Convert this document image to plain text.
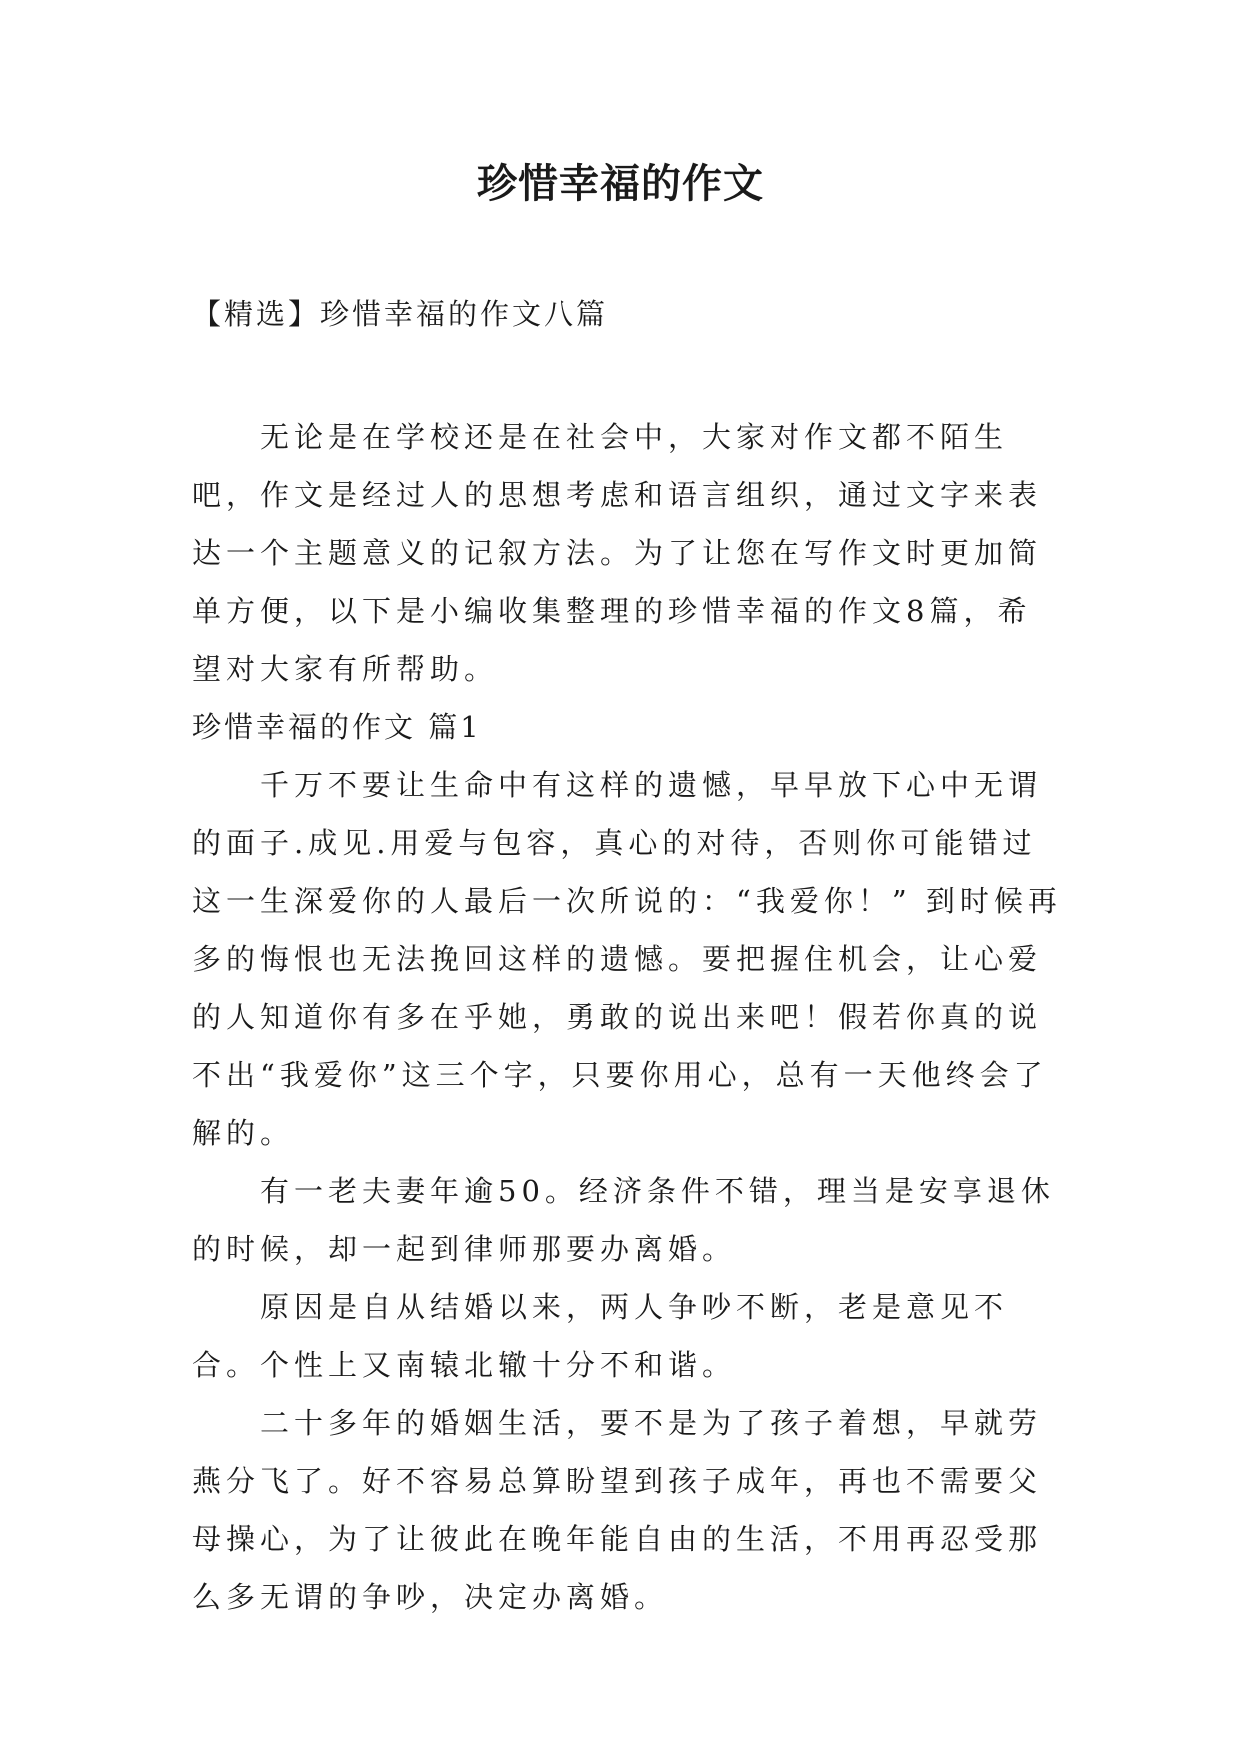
珍惜幸福的作文

【精选】珍惜幸福的作文八篇

无论是在学校还是在社会中，大家对作文都不陌生吧，作文是经过人的思想考虑和语言组织，通过文字来表达一个主题意义的记叙方法。为了让您在写作文时更加简单方便，以下是小编收集整理的珍惜幸福的作文8篇，希望对大家有所帮助。

珍惜幸福的作文 篇1

千万不要让生命中有这样的遗憾，早早放下心中无谓的面子.成见.用爱与包容，真心的对待，否则你可能错过这一生深爱你的人最后一次所说的：“我爱你！” 到时候再多的悔恨也无法挽回这样的遗憾。要把握住机会，让心爱的人知道你有多在乎她，勇敢的说出来吧！假若你真的说不出“我爱你”这三个字，只要你用心，总有一天他终会了解的。

有一老夫妻年逾50。经济条件不错，理当是安享退休的时候，却一起到律师那要办离婚。

原因是自从结婚以来，两人争吵不断，老是意见不合。个性上又南辕北辙十分不和谐。

二十多年的婚姻生活，要不是为了孩子着想，早就劳燕分飞了。好不容易总算盼望到孩子成年，再也不需要父母操心，为了让彼此在晚年能自由的生活，不用再忍受那么多无谓的争吵，决定办离婚。
